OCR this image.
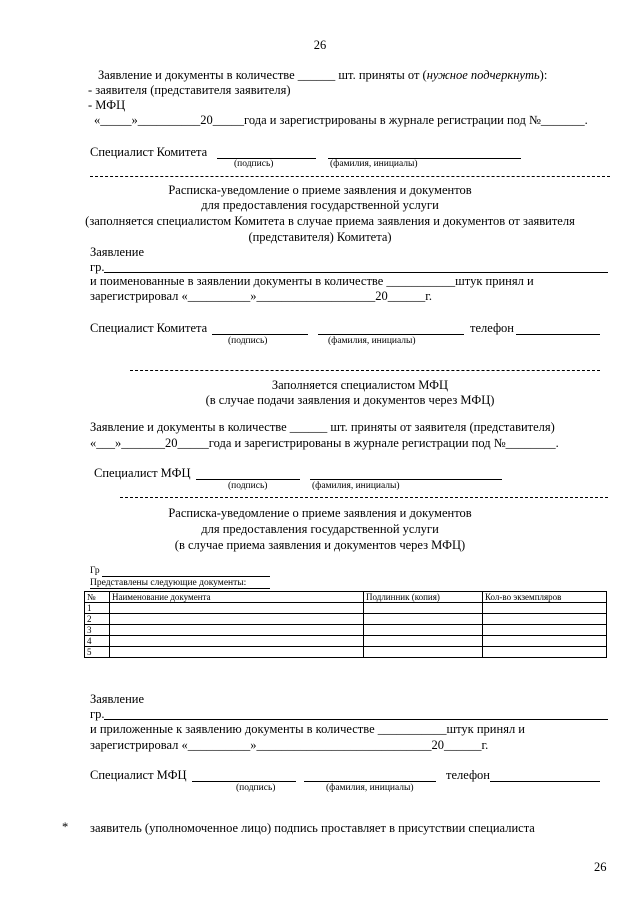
26
Заявление и документы в количестве ______ шт. приняты от (нужное подчеркнуть):
- заявителя (представителя заявителя)
- МФЦ
«_____»__________20_____года и зарегистрированы в журнале регистрации под №_______.
Специалист Комитета
(подпись)	(фамилия, инициалы)
Расписка-уведомление о приеме заявления и документов
для предоставления государственной услуги
(заполняется специалистом Комитета в случае приема заявления и документов от заявителя
(представителя) Комитета)
Заявление
гр.
и поименованные в заявлении документы в количестве ___________штук принял и
зарегистрировал «__________»___________________20______г.
Специалист Комитета	телефон
(подпись)	(фамилия, инициалы)
Заполняется специалистом МФЦ
(в случае подачи заявления и документов через МФЦ)
Заявление и документы в количестве ______ шт. приняты от заявителя (представителя)
«___»_______20_____года и зарегистрированы в журнале регистрации под №________.
Специалист МФЦ
(подпись)	(фамилия, инициалы)
Расписка-уведомление о приеме заявления и документов
для предоставления государственной услуги
(в случае приема заявления и документов через МФЦ)
Гр
Представлены следующие документы:
№	Наименование документа	Подлинник (копия)	Кол-во экземпляров
1			
2			
3			
4			
5			
Заявление
гр.
и приложенные к заявлению документы в количестве ___________штук принял и
зарегистрировал «__________»____________________________20______г.
Специалист МФЦ	телефон
(подпись)	(фамилия, инициалы)
* заявитель (уполномоченное лицо) подпись проставляет в присутствии специалиста
26
